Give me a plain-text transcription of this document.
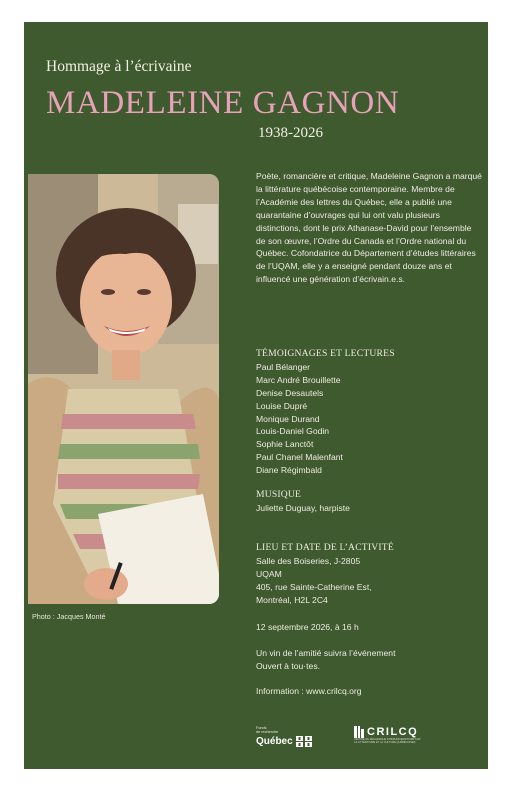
Hommage à l’écrivaine
MADELEINE GAGNON
1938-2026
Photo : Jacques Monté
Poète, romancière et critique, Madeleine Gagnon a marqué la littérature québécoise contemporaine. Membre de l’Académie des lettres du Québec, elle a publié une quarantaine d’ouvrages qui lui ont valu plusieurs distinctions, dont le prix Athanase-David pour l’ensemble de son œuvre, l’Ordre du Canada et l’Ordre national du Québec. Cofondatrice du Département d’études littéraires de l’UQAM, elle y a enseigné pendant douze ans et influencé une génération d’écrivain.e.s.
TÉMOIGNAGES ET LECTURES
Paul Bélanger
Marc André Brouillette
Denise Desautels
Louise Dupré
Monique Durand
Louis-Daniel Godin
Sophie Lanctôt
Paul Chanel Malenfant
Diane Régimbald
MUSIQUE
Juliette Duguay, harpiste
LIEU ET DATE DE L’ACTIVITÉ
Salle des Boiseries, J-2805
UQAM
405, rue Sainte-Catherine Est,
Montréal, H2L 2C4
12 septembre 2026, à 16 h
Un vin de l’amitié suivra l’événement
Ouvert à tou·tes.
Information : www.crilcq.org
Fonds
de recherche
Québec
CRILCQ
CENTRE DE RECHERCHE INTERUNIVERSITAIRE SUR LA LITTÉRATURE ET LA CULTURE QUÉBÉCOISES
